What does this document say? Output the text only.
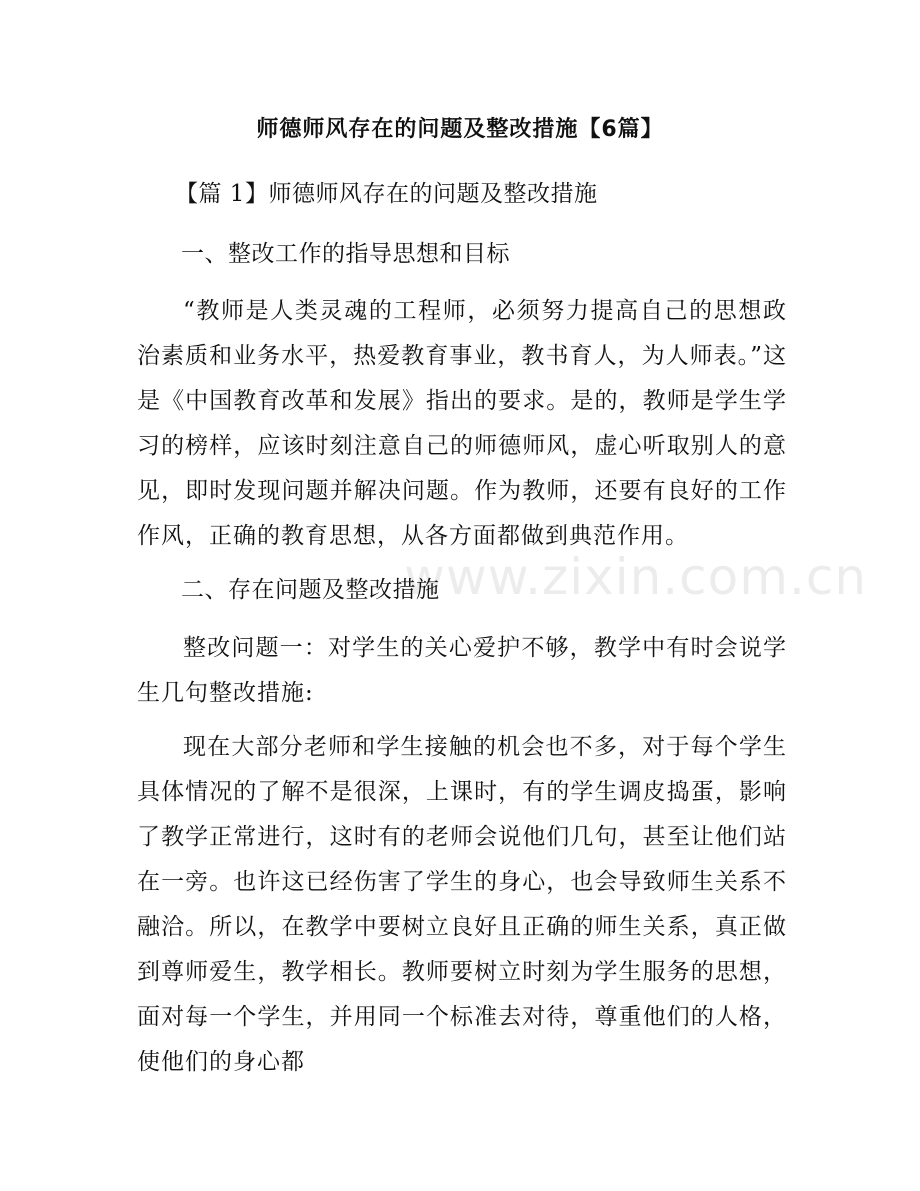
师德师风存在的问题及整改措施【6篇】
【篇 1】师德师风存在的问题及整改措施
一、整改工作的指导思想和目标

“教师是人类灵魂的工程师，必须努力提高自己的思想政治素质和业务水平，热爱教育事业，教书育人，为人师表。”这是《中国教育改革和发展》指出的要求。是的，教师是学生学习的榜样，应该时刻注意自己的师德师风，虚心听取别人的意见，即时发现问题并解决问题。作为教师，还要有良好的工作作风，正确的教育思想，从各方面都做到典范作用。

www.zixin.com.cn
二、存在问题及整改措施

整改问题一：对学生的关心爱护不够，教学中有时会说学生几句整改措施:

现在大部分老师和学生接触的机会也不多，对于每个学生具体情况的了解不是很深，上课时，有的学生调皮捣蛋，影响了教学正常进行，这时有的老师会说他们几句，甚至让他们站在一旁。也许这已经伤害了学生的身心，也会导致师生关系不融洽。所以，在教学中要树立良好且正确的师生关系，真正做到尊师爱生，教学相长。教师要树立时刻为学生服务的思想，面对每一个学生，并用同一个标准去对待，尊重他们的人格，使他们的身心都
